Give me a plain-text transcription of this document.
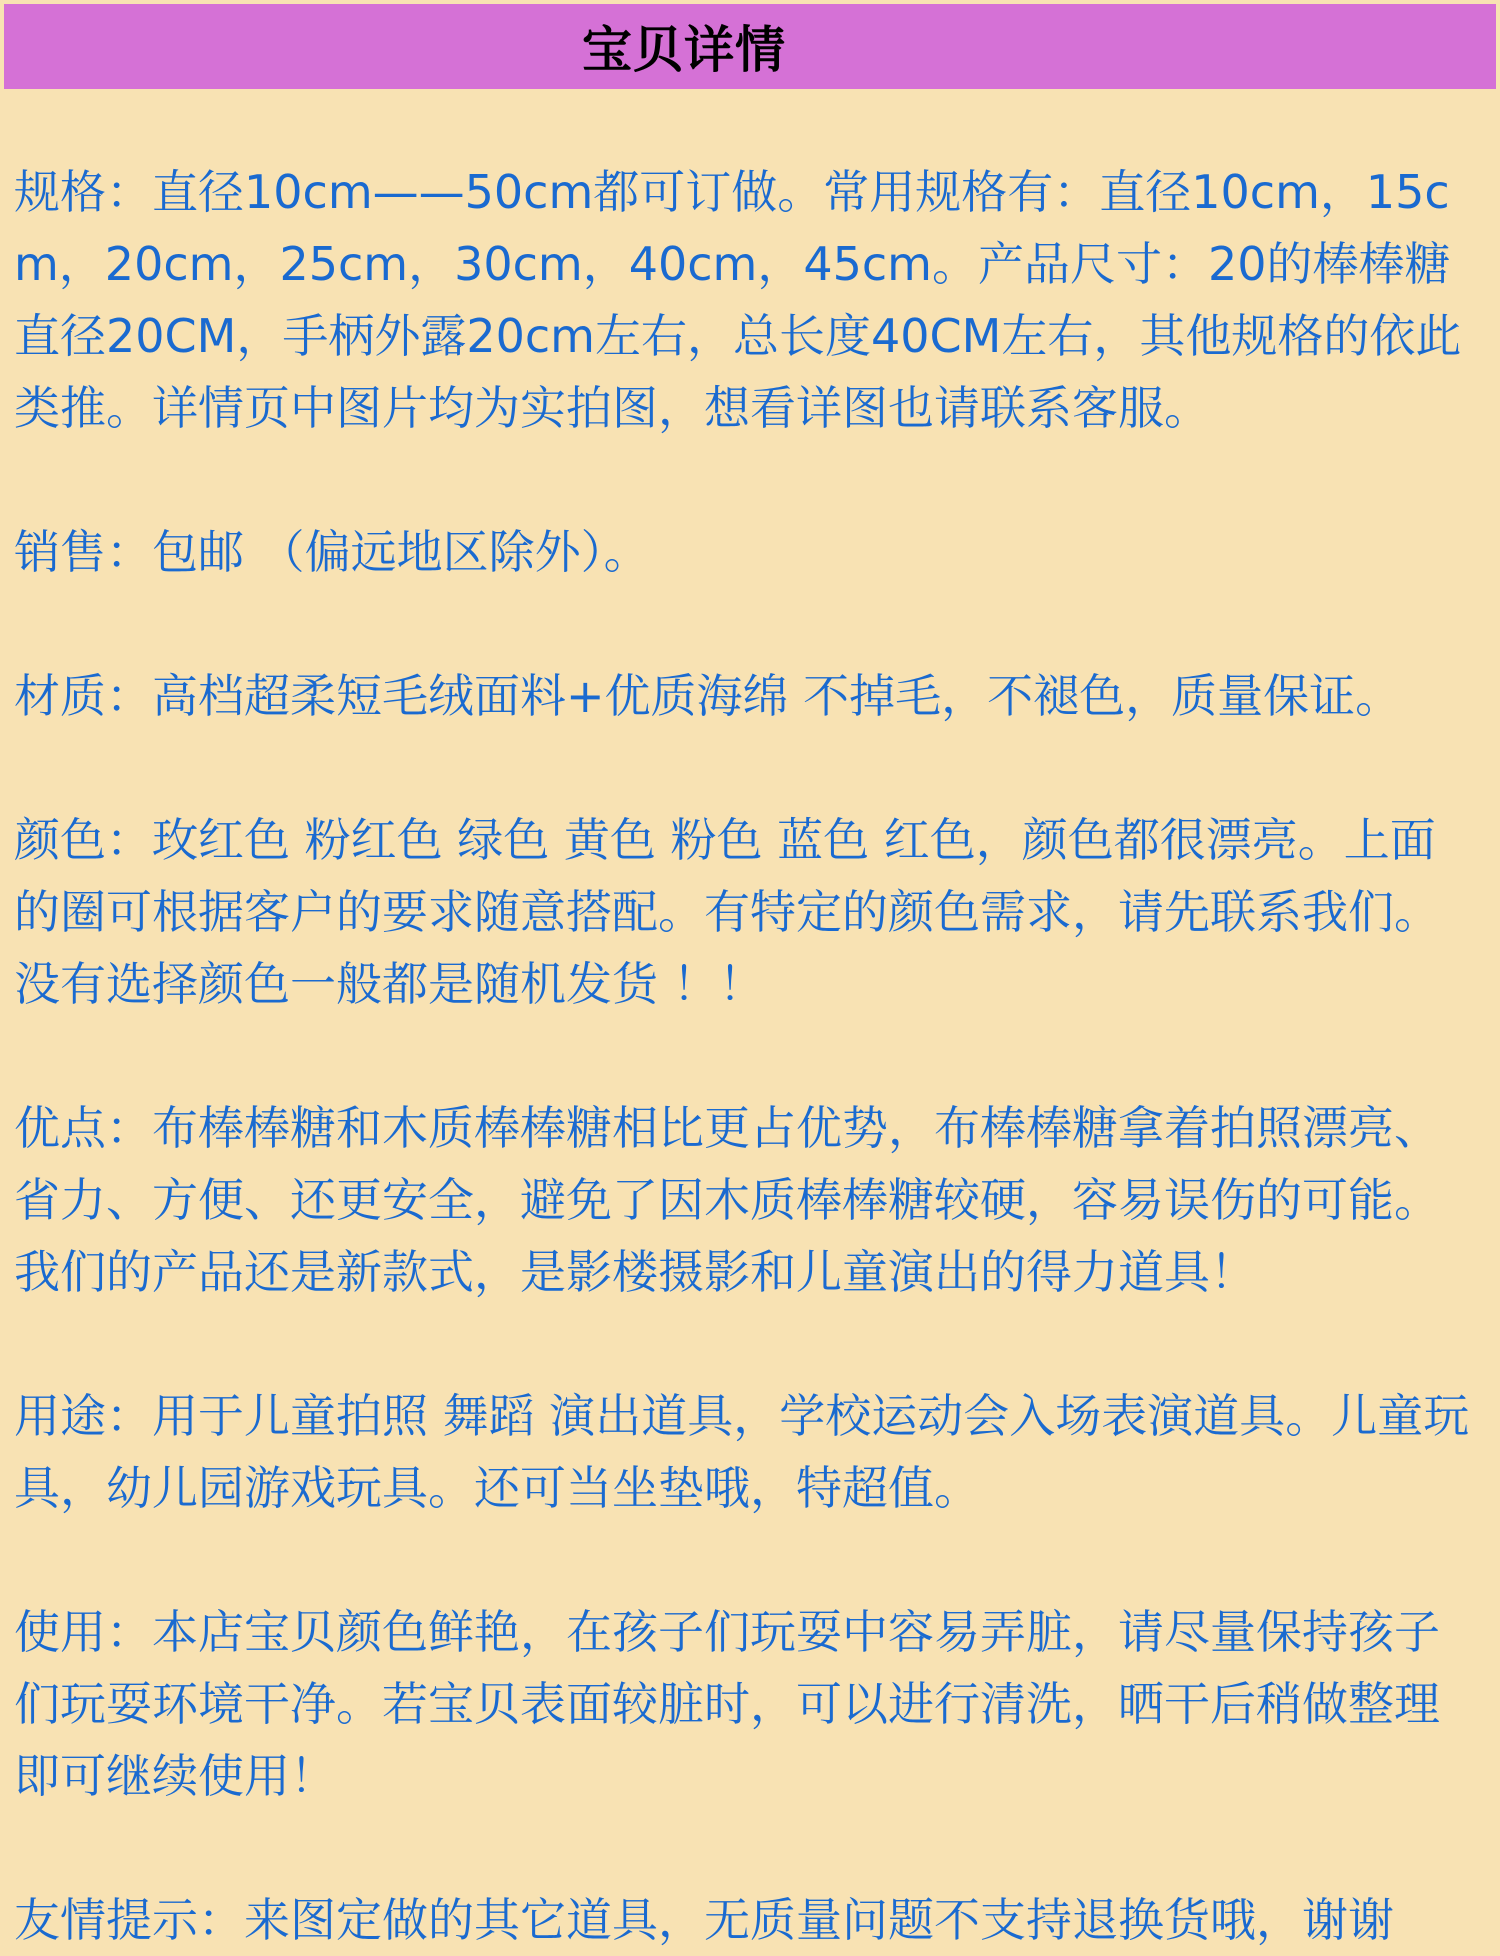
宝贝详情

规格：直径10cm——50cm都可订做。常用规格有：直径10cm，15cm，20cm，25cm，30cm，40cm，45cm。产品尺寸：20的棒棒糖直径20CM，手柄外露20cm左右，总长度40CM左右，其他规格的依此类推。详情页中图片均为实拍图，想看详图也请联系客服。

销售：包邮 （偏远地区除外）。

材质：高档超柔短毛绒面料+优质海绵 不掉毛，不褪色，质量保证。

颜色：玫红色 粉红色 绿色 黄色 粉色 蓝色 红色，颜色都很漂亮。上面的圈可根据客户的要求随意搭配。有特定的颜色需求，请先联系我们。没有选择颜色一般都是随机发货 ！！

优点：布棒棒糖和木质棒棒糖相比更占优势，布棒棒糖拿着拍照漂亮、省力、方便、还更安全，避免了因木质棒棒糖较硬，容易误伤的可能。我们的产品还是新款式，是影楼摄影和儿童演出的得力道具！

用途：用于儿童拍照 舞蹈 演出道具，学校运动会入场表演道具。儿童玩具，幼儿园游戏玩具。还可当坐垫哦，特超值。

使用：本店宝贝颜色鲜艳，在孩子们玩耍中容易弄脏，请尽量保持孩子们玩耍环境干净。若宝贝表面较脏时，可以进行清洗，晒干后稍做整理即可继续使用！

友情提示：来图定做的其它道具，无质量问题不支持退换货哦，谢谢
